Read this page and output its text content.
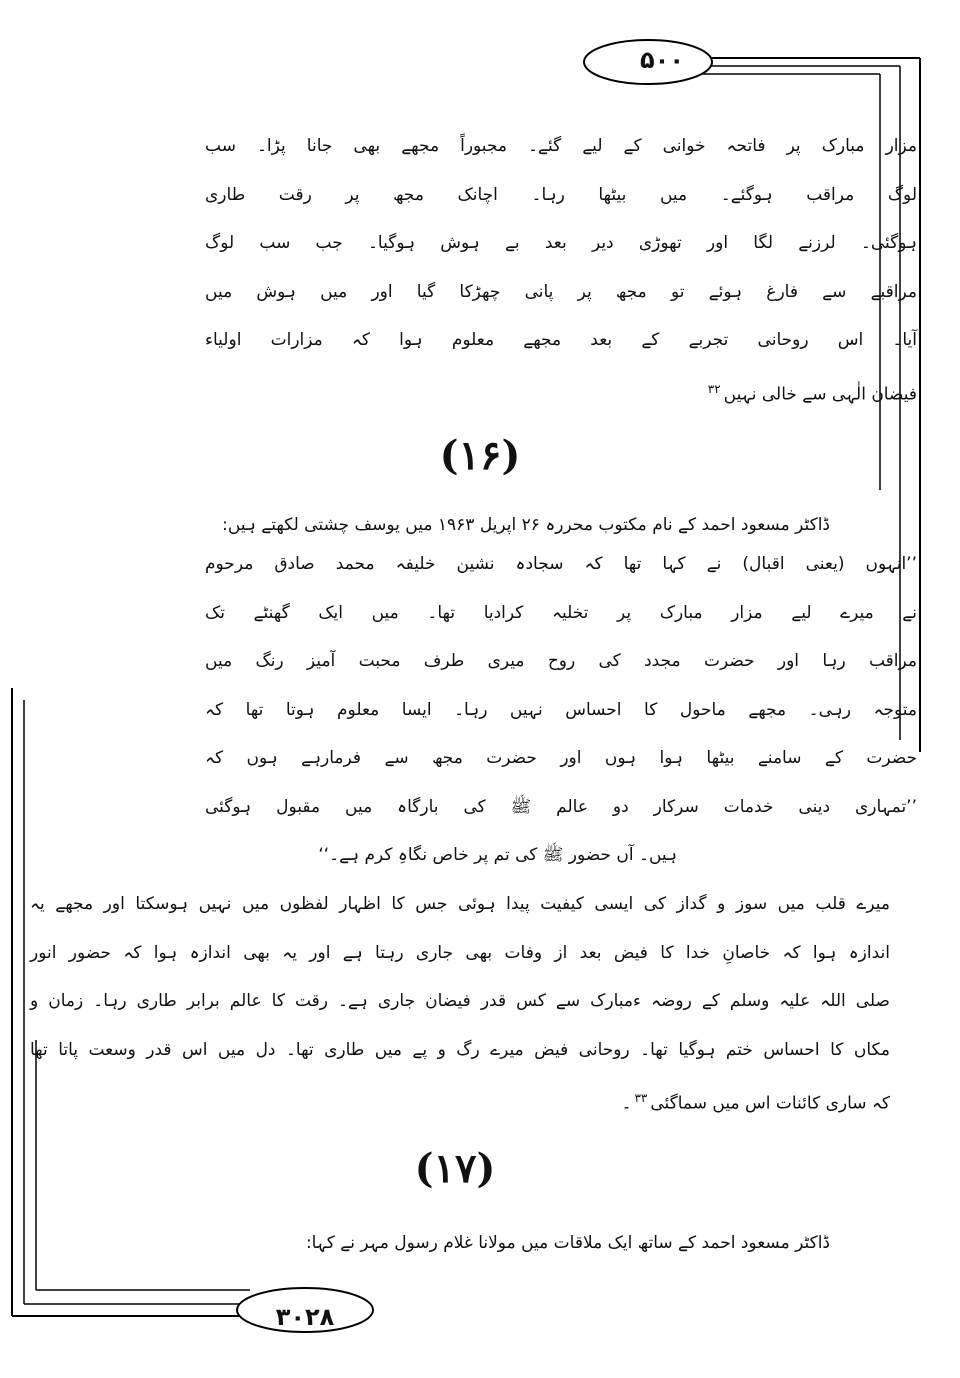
۵۰۰
مزار مبارک پر فاتحہ خوانی کے لیے گئے۔ مجبوراً مجھے بھی جانا پڑا۔ سب
لوگ مراقب ہوگئے۔ میں بیٹھا رہا۔ اچانک مجھ پر رقت طاری
ہوگئی۔ لرزنے لگا اور تھوڑی دیر بعد بے ہوش ہوگیا۔ جب سب لوگ
مراقبے سے فارغ ہوئے تو مجھ پر پانی چھڑکا گیا اور میں ہوش میں
آیا۔ اس روحانی تجربے کے بعد مجھے معلوم ہوا کہ مزارات اولیاء
فیضان الٰہی سے خالی نہیں$^{۳۲}$
(۱۶)
ڈاکٹر مسعود احمد کے نام مکتوب محررہ ۲۶ اپریل ۱۹۶۳ میں یوسف چشتی لکھتے ہیں:
’’انہوں (یعنی اقبال) نے کہا تھا کہ سجادہ نشین خلیفہ محمد صادق مرحوم
نے میرے لیے مزار مبارک پر تخلیہ کرادیا تھا۔ میں ایک گھنٹے تک
مراقب رہا اور حضرت مجدد کی روح میری طرف محبت آمیز رنگ میں
متوجہ رہی۔ مجھے ماحول کا احساس نہیں رہا۔ ایسا معلوم ہوتا تھا کہ
حضرت کے سامنے بیٹھا ہوا ہوں اور حضرت مجھ سے فرمارہے ہوں کہ
’’تمہاری دینی خدمات سرکار دو عالم ﷺ کی بارگاہ میں مقبول ہوگئی
ہیں۔ آں حضور ﷺ کی تم پر خاص نگاہِ کرم ہے۔‘‘
میرے قلب میں سوز و گداز کی ایسی کیفیت پیدا ہوئی جس کا اظہار لفظوں میں نہیں ہوسکتا اور مجھے یہ
اندازہ ہوا کہ خاصانِ خدا کا فیض بعد از وفات بھی جاری رہتا ہے اور یہ بھی اندازہ ہوا کہ حضور انور
صلی اللہ علیہ وسلم کے روضہ ءمبارک سے کس قدر فیضان جاری ہے۔ رقت کا عالم برابر طاری رہا۔ زمان و
مکاں کا احساس ختم ہوگیا تھا۔ روحانی فیض میرے رگ و پے میں طاری تھا۔ دل میں اس قدر وسعت پاتا تھا
کہ ساری کائنات اس میں سماگئی$^{۳۳}$۔
(۱۷)
ڈاکٹر مسعود احمد کے ساتھ ایک ملاقات میں مولانا غلام رسول مہر نے کہا:
۳۰۲۸
